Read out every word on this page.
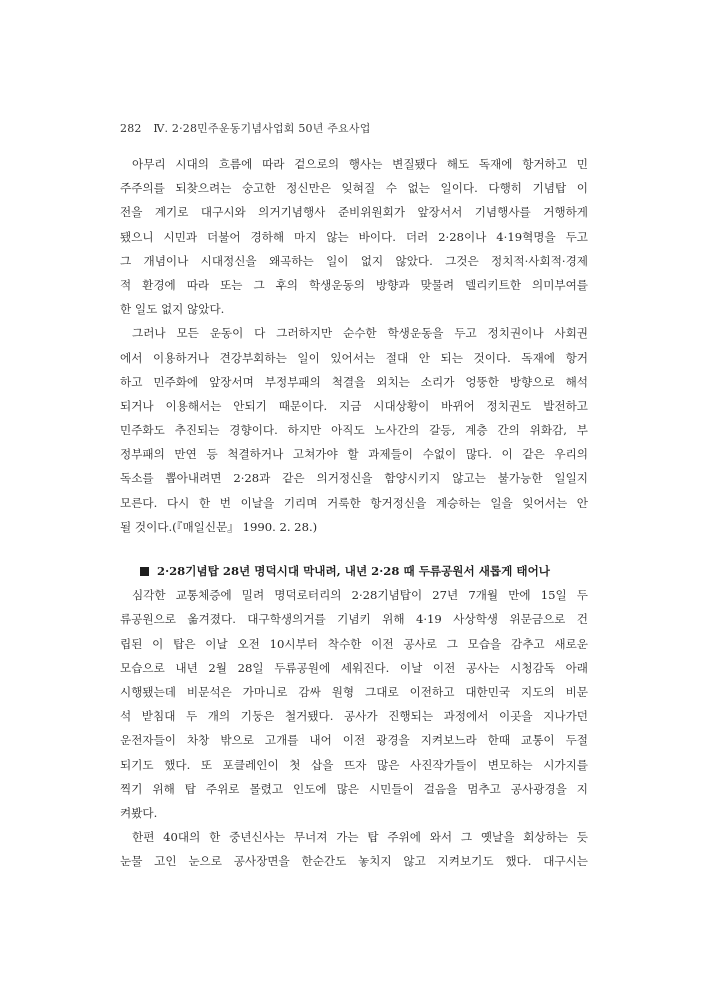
282 Ⅳ. 2·28민주운동기념사업회 50년 주요사업
아무리 시대의 흐름에 따라 겉으로의 행사는 변질됐다 해도 독재에 항거하고 민
주주의를 되찾으려는 숭고한 정신만은 잊혀질 수 없는 일이다. 다행히 기념탑 이
전을 계기로 대구시와 의거기념행사 준비위원회가 앞장서서 기념행사를 거행하게
됐으니 시민과 더불어 경하해 마지 않는 바이다. 더러 2·28이나 4·19혁명을 두고
그 개념이나 시대정신을 왜곡하는 일이 없지 않았다. 그것은 정치적·사회적·경제
적 환경에 따라 또는 그 후의 학생운동의 방향과 맞물려 델리키트한 의미부여를
한 일도 없지 않았다.
그러나 모든 운동이 다 그러하지만 순수한 학생운동을 두고 정치권이나 사회권
에서 이용하거나 견강부회하는 일이 있어서는 절대 안 되는 것이다. 독재에 항거
하고 민주화에 앞장서며 부정부패의 척결을 외치는 소리가 엉뚱한 방향으로 해석
되거나 이용해서는 안되기 때문이다. 지금 시대상황이 바뀌어 정치권도 발전하고
민주화도 추진되는 경향이다. 하지만 아직도 노사간의 갈등, 계층 간의 위화감, 부
정부패의 만연 등 척결하거나 고쳐가야 할 과제들이 수없이 많다. 이 같은 우리의
독소를 뽑아내려면 2·28과 같은 의거정신을 함양시키지 않고는 불가능한 일일지
모른다. 다시 한 번 이날을 기리며 거룩한 항거정신을 계승하는 일을 잊어서는 안
될 것이다.(『매일신문』 1990. 2. 28.)
2·28기념탑 28년 명덕시대 막내려, 내년 2·28 때 두류공원서 새롭게 태어나
심각한 교통체증에 밀려 명덕로터리의 2·28기념탑이 27년 7개월 만에 15일 두
류공원으로 옮겨졌다. 대구학생의거를 기념키 위해 4·19 사상학생 위문금으로 건
립된 이 탑은 이날 오전 10시부터 착수한 이전 공사로 그 모습을 감추고 새로운
모습으로 내년 2월 28일 두류공원에 세워진다. 이날 이전 공사는 시청감독 아래
시행됐는데 비문석은 가마니로 감싸 원형 그대로 이전하고 대한민국 지도의 비문
석 받침대 두 개의 기둥은 철거됐다. 공사가 진행되는 과정에서 이곳을 지나가던
운전자들이 차창 밖으로 고개를 내어 이전 광경을 지켜보느라 한때 교통이 두절
되기도 했다. 또 포클레인이 첫 삽을 뜨자 많은 사진작가들이 변모하는 시가지를
찍기 위해 탑 주위로 몰렸고 인도에 많은 시민들이 걸음을 멈추고 공사광경을 지
켜봤다.
한편 40대의 한 중년신사는 무너져 가는 탑 주위에 와서 그 옛날을 회상하는 듯
눈물 고인 눈으로 공사장면을 한순간도 놓치지 않고 지켜보기도 했다. 대구시는
